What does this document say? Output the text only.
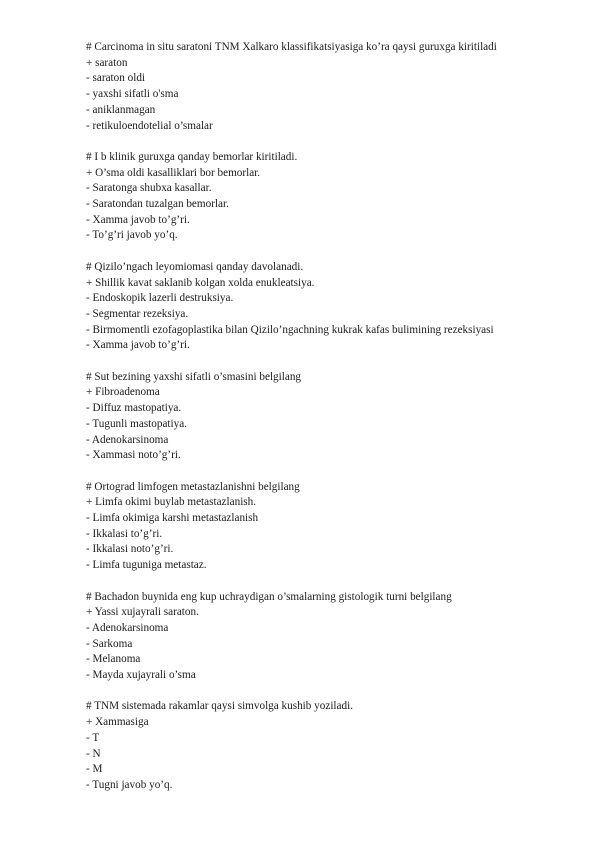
# Carcinoma in situ saratoni TNM Xalkaro klassifikatsiyasiga ko’ra qaysi guruxga kiritiladi
+ saraton
- saraton oldi
- yaxshi sifatli o'sma
- aniklanmagan
- retikuloendotelial o’smalar
# I b klinik guruxga qanday bemorlar kiritiladi.
+ O’sma oldi kasalliklari bor bemorlar.
- Saratonga shubxa kasallar.
- Saratondan tuzalgan bemorlar.
- Xamma javob to’g’ri.
- To’g’ri javob yo’q.
# Qizilo’ngach leyomiomasi qanday davolanadi.
+ Shillik kavat saklanib kolgan xolda enukleatsiya.
- Endoskopik lazerli destruksiya.
- Segmentar rezeksiya.
- Birmomentli ezofagoplastika bilan Qizilo’ngachning kukrak kafas bulimining rezeksiyasi
- Xamma javob to’g’ri.
# Sut bezining yaxshi sifatli o’smasini belgilang
+ Fibroadenoma
- Diffuz mastopatiya.
- Tugunli mastopatiya.
- Adenokarsinoma
- Xammasi noto’g’ri.
# Ortograd limfogen metastazlanishni belgilang
+ Limfa okimi buylab metastazlanish.
- Limfa okimiga karshi metastazlanish
- Ikkalasi to’g’ri.
- Ikkalasi noto’g’ri.
- Limfa tuguniga metastaz.
# Bachadon buynida eng kup uchraydigan o’smalarning gistologik turni belgilang
+ Yassi xujayrali saraton.
- Adenokarsinoma
- Sarkoma
- Melanoma
- Mayda xujayrali o’sma
# TNM sistemada rakamlar qaysi simvolga kushib yoziladi.
+ Xammasiga
- T
- N
- M
- Tugni javob yo’q.
